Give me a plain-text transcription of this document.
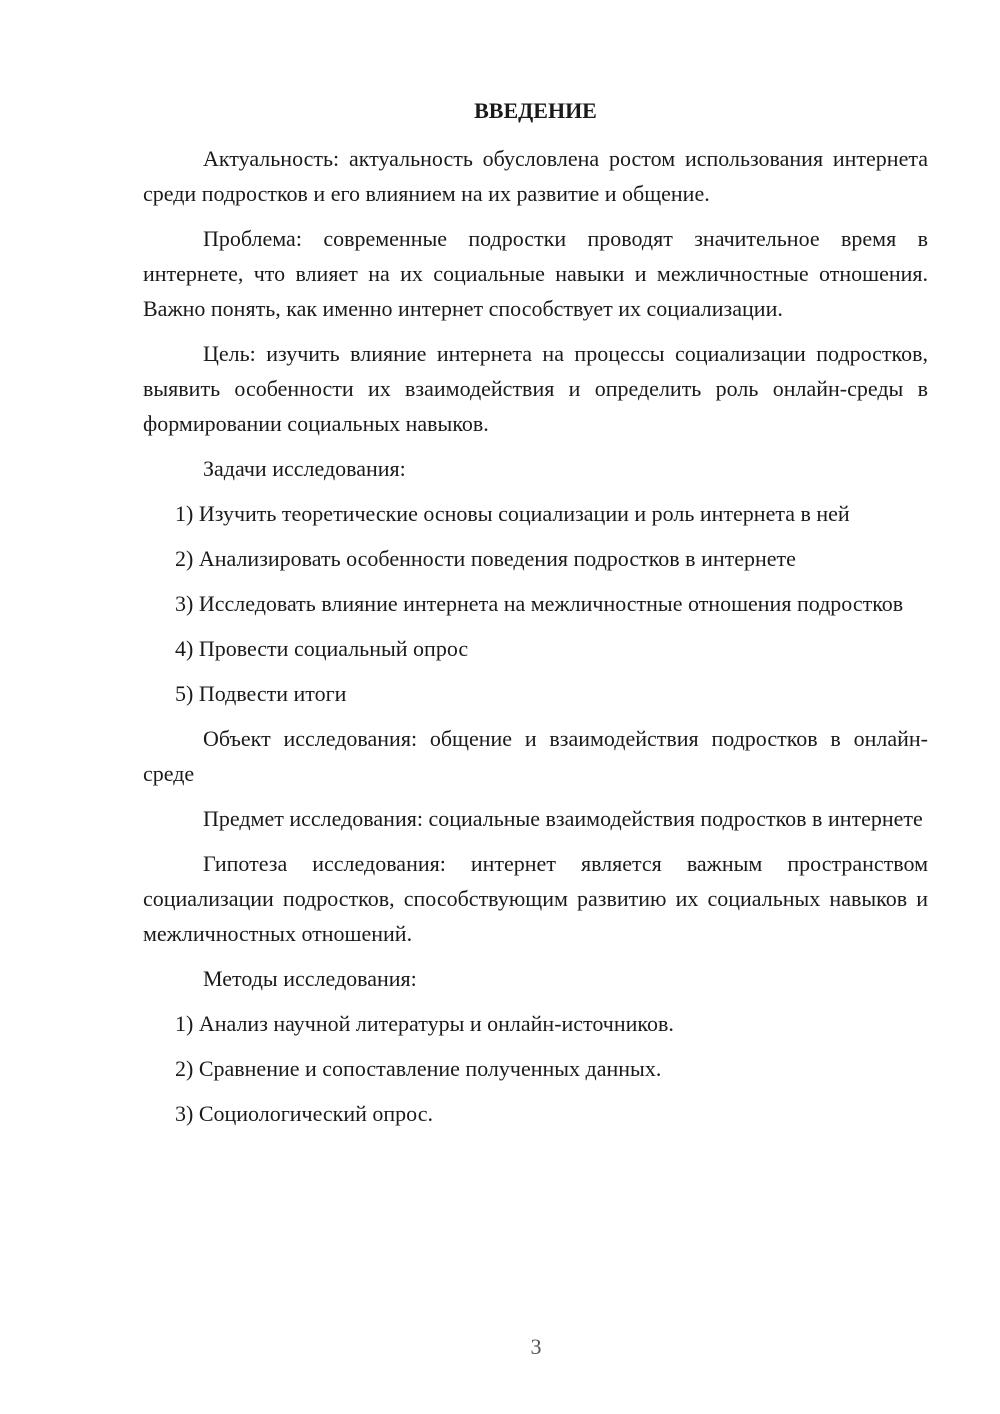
ВВЕДЕНИЕ

Актуальность: актуальность обусловлена ростом использования интернета среди подростков и его влиянием на их развитие и общение.

Проблема: современные подростки проводят значительное время в интернете, что влияет на их социальные навыки и межличностные отношения. Важно понять, как именно интернет способствует их социализации.

Цель: изучить влияние интернета на процессы социализации подростков, выявить особенности их взаимодействия и определить роль онлайн-среды в формировании социальных навыков.

Задачи исследования:

1) Изучить теоретические основы социализации и роль интернета в ней

2) Анализировать особенности поведения подростков в интернете

3) Исследовать влияние интернета на межличностные отношения подростков

4) Провести социальный опрос

5) Подвести итоги

Объект исследования: общение и взаимодействия подростков в онлайн-среде

Предмет исследования: социальные взаимодействия подростков в интернете

Гипотеза исследования: интернет является важным пространством социализации подростков, способствующим развитию их социальных навыков и межличностных отношений.

Методы исследования:

1) Анализ научной литературы и онлайн-источников.

2) Сравнение и сопоставление полученных данных.

3) Социологический опрос.

3
